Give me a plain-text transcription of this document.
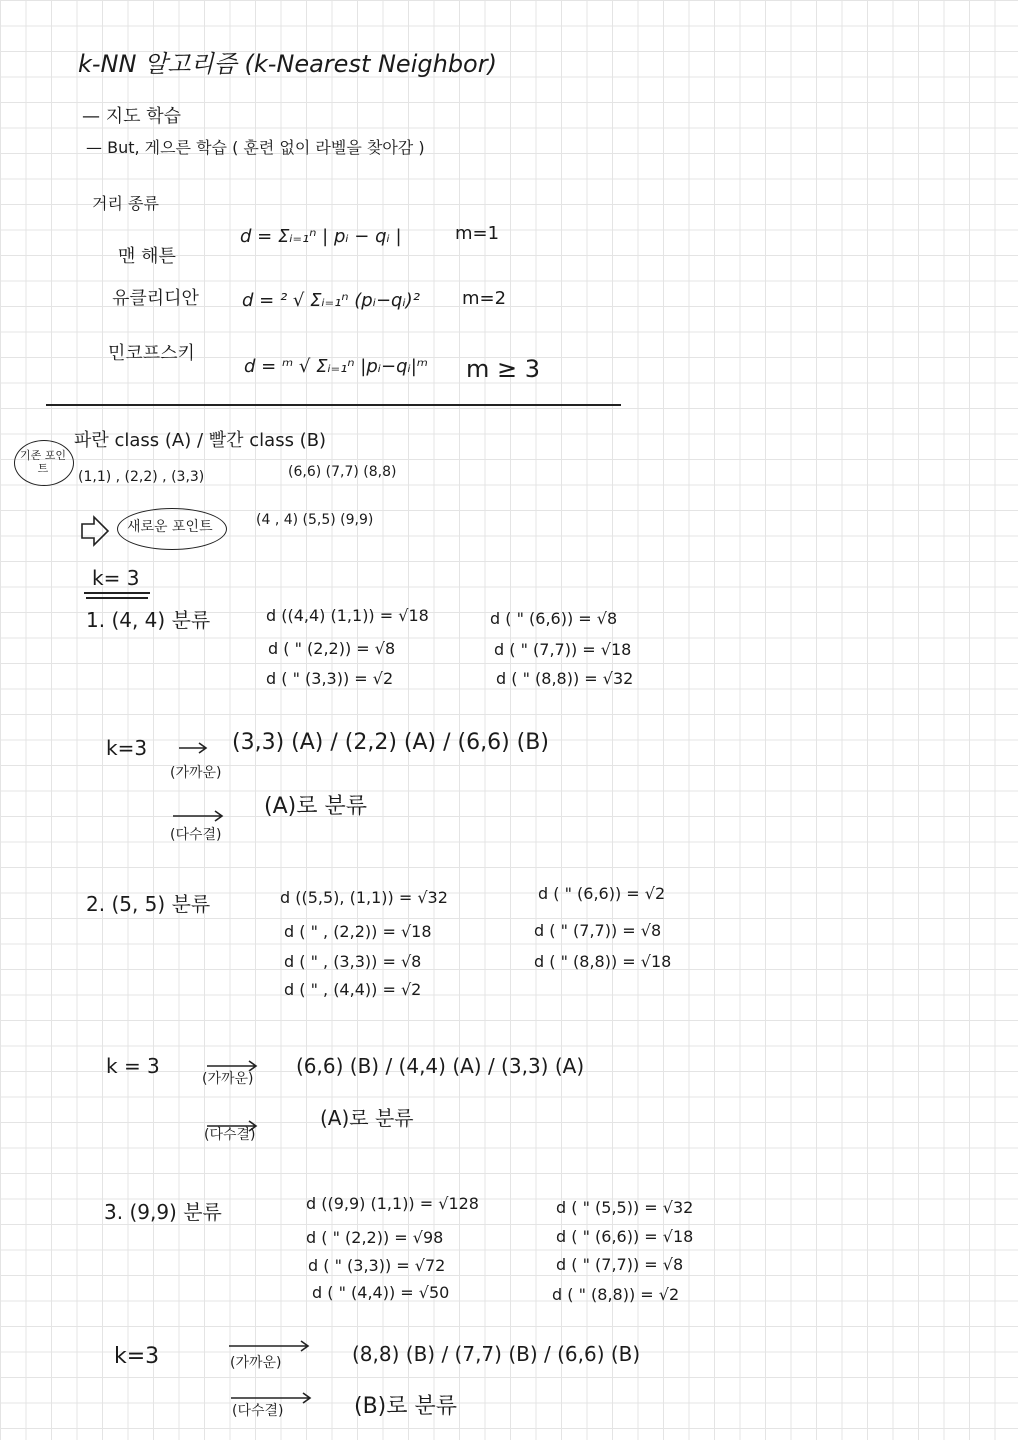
k-NN 알고리즘 (k-Nearest Neighbor)
— 지도 학습
— But, 게으른 학습 ( 훈련 없이 라벨을 찾아감 )
거리 종류
맨 해튼
d = Σᵢ₌₁ⁿ | pᵢ − qᵢ |	m=1
유클리디안 d = ² √ Σᵢ₌₁ⁿ (pᵢ−qᵢ)² m=2
민코프스키
d = ᵐ √ Σᵢ₌₁ⁿ |pᵢ−qᵢ|ᵐ m ≥ 3
파란 class (A) / 빨간 class (B)
기존 포인트
(1,1) , (2,2) , (3,3)	(6,6) (7,7) (8,8)
새로운 포인트	(4 , 4) (5,5) (9,9)
k= 3
1. (4, 4) 분류	d ((4,4) (1,1)) = √18
d ( " (2,2)) = √8
d ( " (3,3)) = √2
d ( " (6,6)) = √8
d ( " (7,7)) = √18
d ( " (8,8)) = √32
k=3
(가까운)
(3,3) (A) / (2,2) (A) / (6,6) (B)
(다수결)
(A)로 분류
2. (5, 5) 분류	d ((5,5), (1,1)) = √32
d ( " , (2,2)) = √18
d ( " , (3,3)) = √8
d ( " , (4,4)) = √2
d ( " (6,6)) = √2
d ( " (7,7)) = √8
d ( " (8,8)) = √18
k = 3
(가까운)
(6,6) (B) / (4,4) (A) / (3,3) (A)
(다수결)
(A)로 분류
3. (9,9) 분류	d ((9,9) (1,1)) = √128
d ( " (2,2)) = √98
d ( " (3,3)) = √72
d ( " (4,4)) = √50
d ( " (5,5)) = √32
d ( " (6,6)) = √18
d ( " (7,7)) = √8
d ( " (8,8)) = √2
k=3	(가까운)	(8,8) (B) / (7,7) (B) / (6,6) (B)
(다수결)	(B)로 분류
